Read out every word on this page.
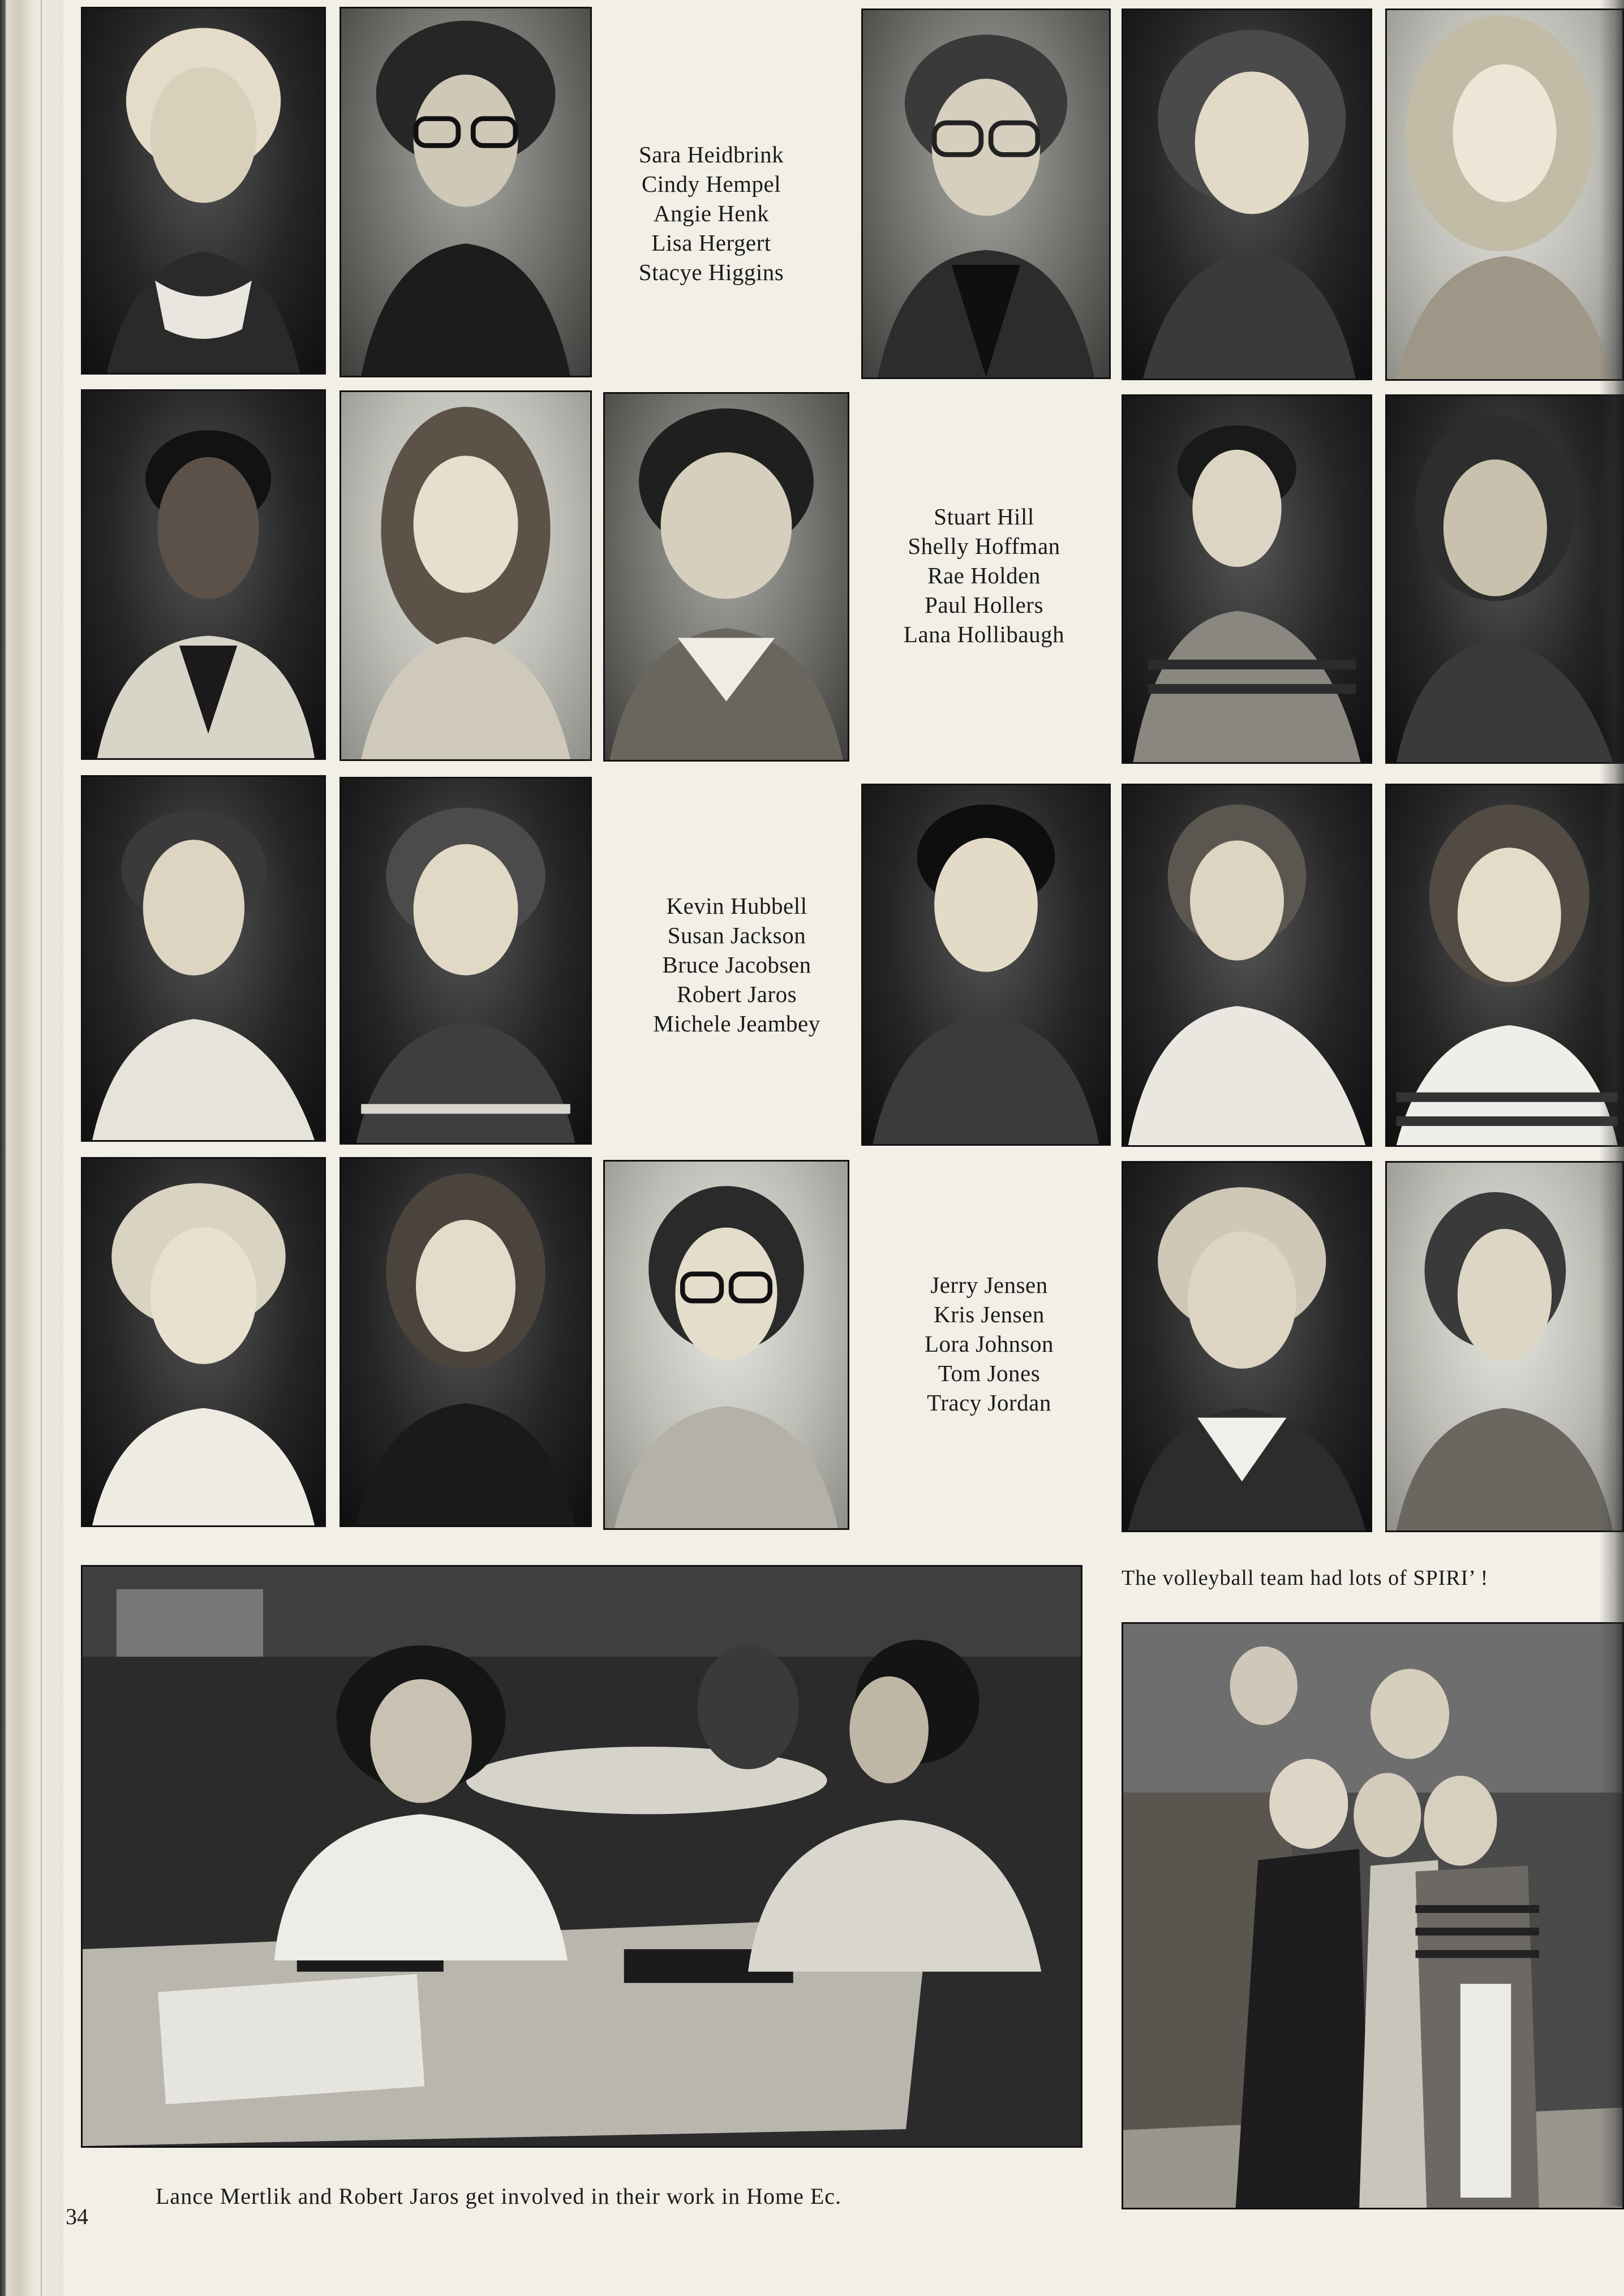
Sara Heidbrink
Cindy Hempel
Angie Henk
Lisa Hergert
Stacye Higgins
Stuart Hill
Shelly Hoffman
Rae Holden
Paul Hollers
Lana Hollibaugh
Kevin Hubbell
Susan Jackson
Bruce Jacobsen
Robert Jaros
Michele Jeambey
Jerry Jensen
Kris Jensen
Lora Johnson
Tom Jones
Tracy Jordan
The volleyball team had lots of SPIRI’ !
Lance Mertlik and Robert Jaros get involved in their work in Home Ec.
34
